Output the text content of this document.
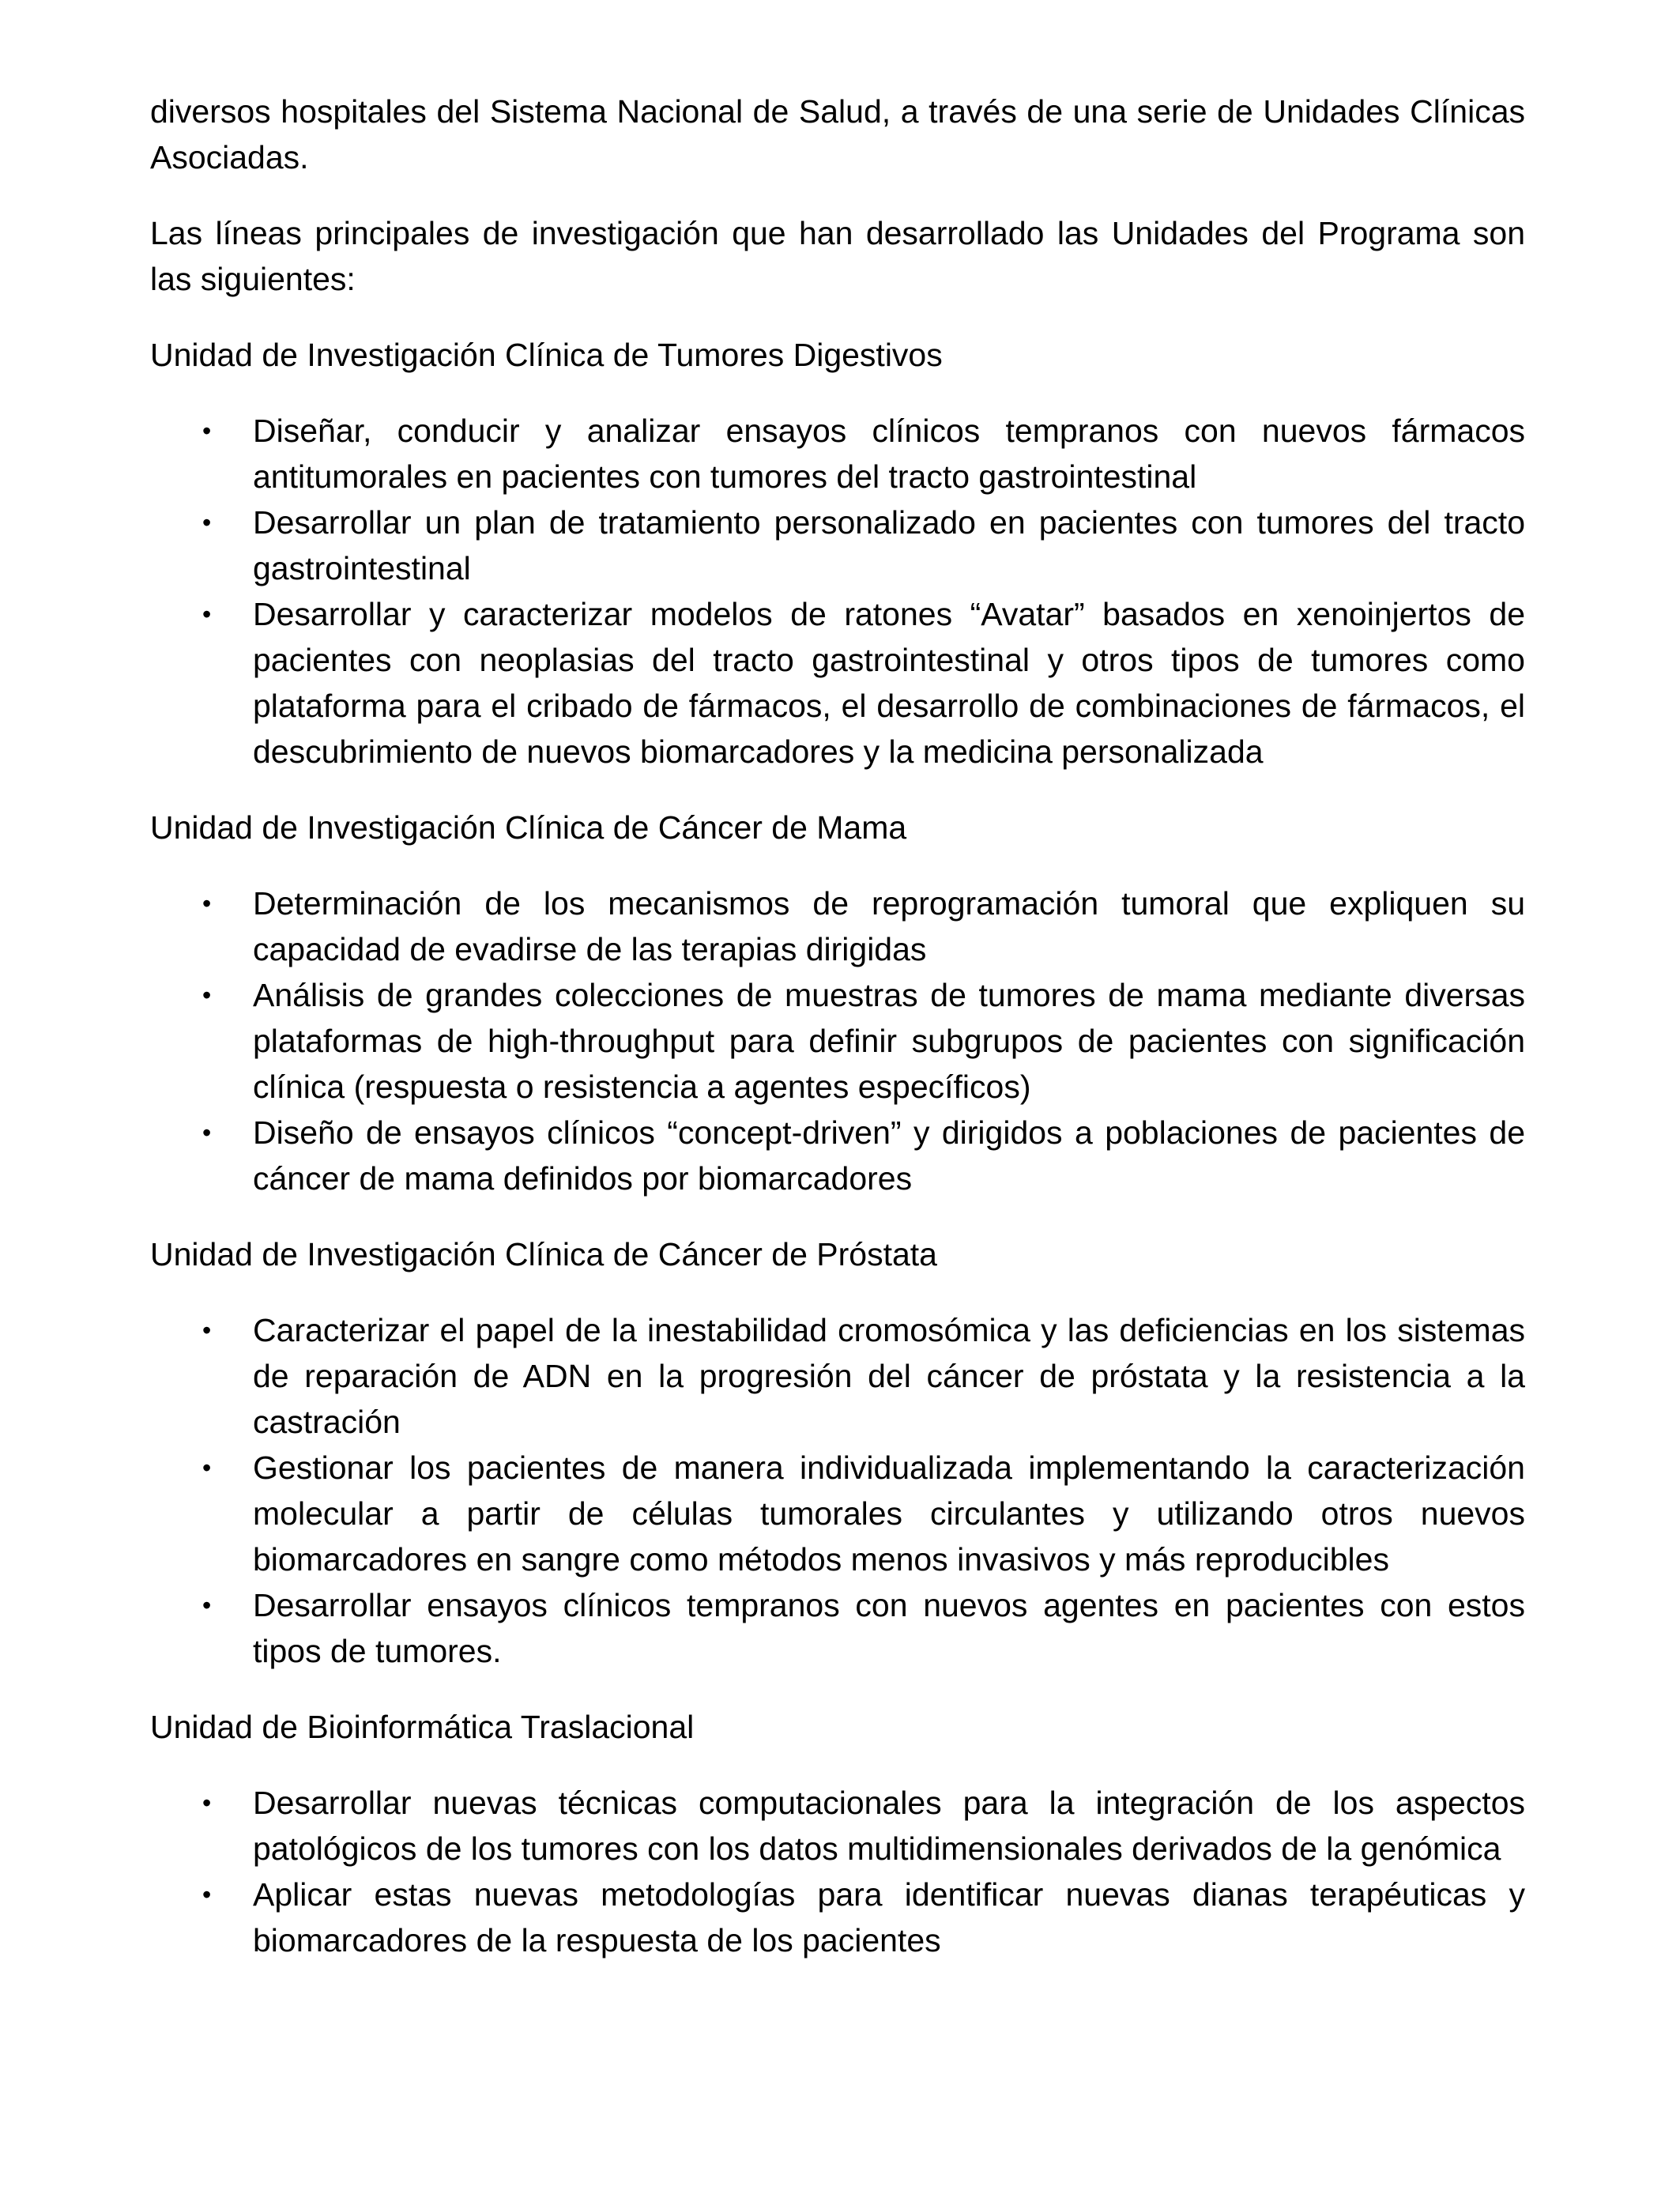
diversos hospitales del Sistema Nacional de Salud, a través de una serie de Unidades Clínicas Asociadas.

Las líneas principales de investigación que han desarrollado las Unidades del Programa son las siguientes:

Unidad de Investigación Clínica de Tumores Digestivos

• Diseñar, conducir y analizar ensayos clínicos tempranos con nuevos fármacos antitumorales en pacientes con tumores del tracto gastrointestinal
• Desarrollar un plan de tratamiento personalizado en pacientes con tumores del tracto gastrointestinal
• Desarrollar y caracterizar modelos de ratones “Avatar” basados en xenoinjertos de pacientes con neoplasias del tracto gastrointestinal y otros tipos de tumores como plataforma para el cribado de fármacos, el desarrollo de combinaciones de fármacos, el descubrimiento de nuevos biomarcadores y la medicina personalizada

Unidad de Investigación Clínica de Cáncer de Mama

• Determinación de los mecanismos de reprogramación tumoral que expliquen su capacidad de evadirse de las terapias dirigidas
• Análisis de grandes colecciones de muestras de tumores de mama mediante diversas plataformas de high-throughput para definir subgrupos de pacientes con significación clínica (respuesta o resistencia a agentes específicos)
• Diseño de ensayos clínicos “concept-driven” y dirigidos a poblaciones de pacientes de cáncer de mama definidos por biomarcadores

Unidad de Investigación Clínica de Cáncer de Próstata

• Caracterizar el papel de la inestabilidad cromosómica y las deficiencias en los sistemas de reparación de ADN en la progresión del cáncer de próstata y la resistencia a la castración
• Gestionar los pacientes de manera individualizada implementando la caracterización molecular a partir de células tumorales circulantes y utilizando otros nuevos biomarcadores en sangre como métodos menos invasivos y más reproducibles
• Desarrollar ensayos clínicos tempranos con nuevos agentes en pacientes con estos tipos de tumores.

Unidad de Bioinformática Traslacional

• Desarrollar nuevas técnicas computacionales para la integración de los aspectos patológicos de los tumores con los datos multidimensionales derivados de la genómica
• Aplicar estas nuevas metodologías para identificar nuevas dianas terapéuticas y biomarcadores de la respuesta de los pacientes
